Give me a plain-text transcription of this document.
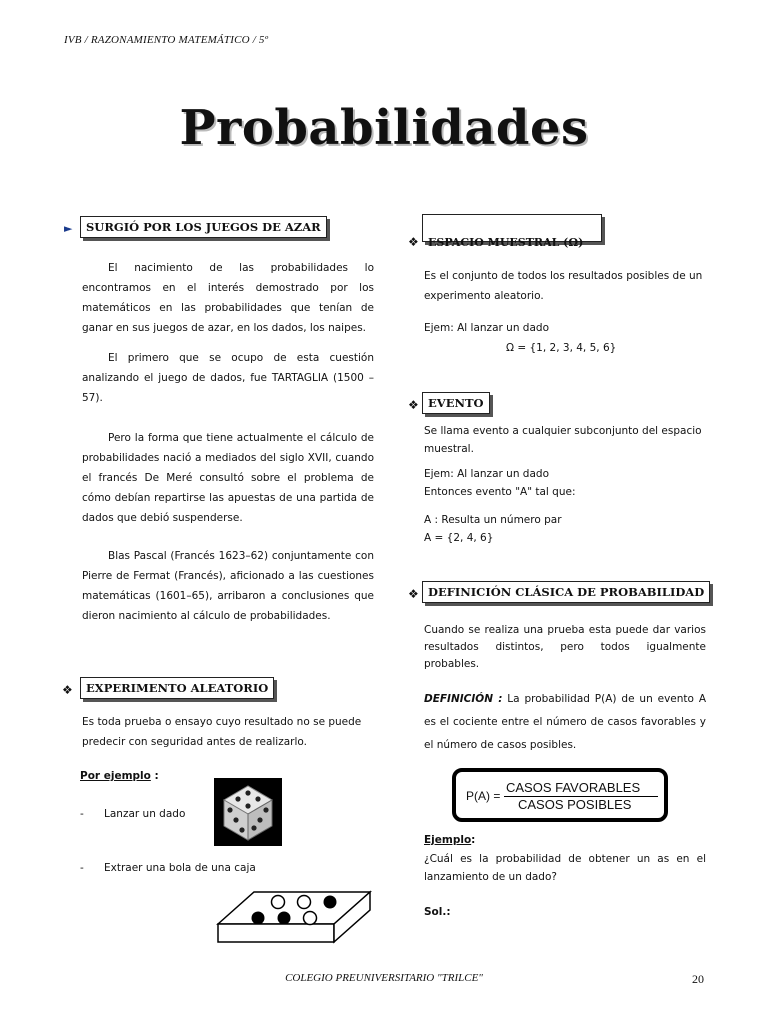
IVB / RAZONAMIENTO MATEMÁTICO / 5º
Probabilidades
►	SURGIÓ POR LOS JUEGOS DE AZAR
El nacimiento de las probabilidades lo encontramos en el interés demostrado por los matemáticos en las probabilidades que tenían de ganar en sus juegos de azar, en los dados, los naipes.
El primero que se ocupo de esta cuestión analizando el juego de dados, fue TARTAGLIA (1500 – 57).
Pero la forma que tiene actualmente el cálculo de probabilidades nació a mediados del siglo XVII, cuando el francés De Meré consultó sobre el problema de cómo debían repartirse las apuestas de una partida de dados que debió suspenderse.
Blas Pascal (Francés 1623–62) conjuntamente con Pierre de Fermat (Francés), aficionado a las cuestiones matemáticas (1601–65), arribaron a conclusiones que dieron nacimiento al cálculo de probabilidades.
❖	EXPERIMENTO ALEATORIO
Es toda prueba o ensayo cuyo resultado no se puede predecir con seguridad antes de realizarlo.
Por ejemplo :
- Lanzar un dado
- Extraer una bola de una caja
❖ ESPACIO MUESTRAL (Ω)
Es el conjunto de todos los resultados posibles de un experimento aleatorio.
Ejem: Al lanzar un dado
Ω = {1, 2, 3, 4, 5, 6}
❖ EVENTO
Se llama evento a cualquier subconjunto del espacio muestral.
Ejem: Al lanzar un dado
Entonces evento "A" tal que:
A : Resulta un número par
A = {2, 4, 6}
❖ DEFINICIÓN CLÁSICA DE PROBABILIDAD
Cuando se realiza una prueba esta puede dar varios resultados distintos, pero todos igualmente probables.
DEFINICIÓN : La probabilidad P(A) de un evento A es el cociente entre el número de casos favorables y el número de casos posibles.
P(A) =
CASOS FAVORABLES
CASOS POSIBLES
Ejemplo:
¿Cuál es la probabilidad de obtener un as en el lanzamiento de un dado?
Sol.:
COLEGIO PREUNIVERSITARIO "TRILCE"	20
